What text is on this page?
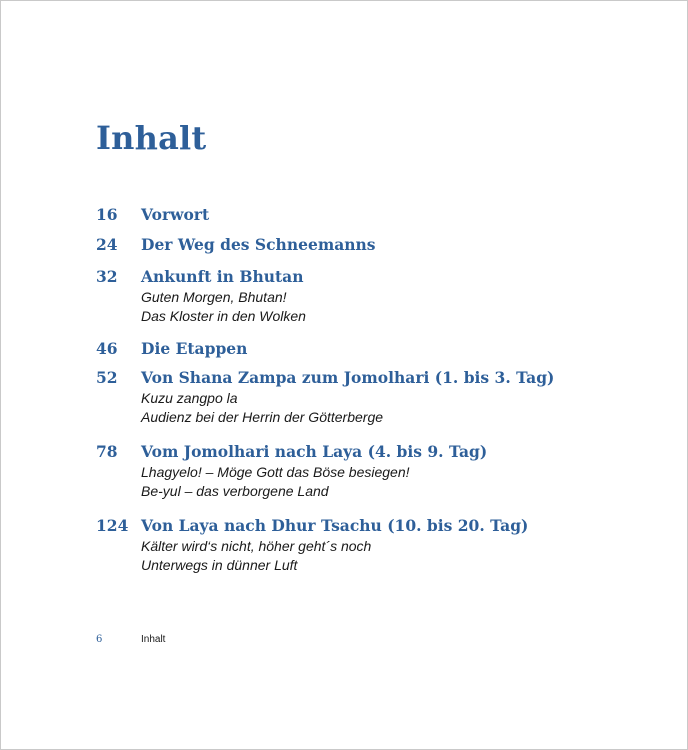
Inhalt
16 Vorwort
24 Der Weg des Schneemanns
32 Ankunft in Bhutan
Guten Morgen, Bhutan!
Das Kloster in den Wolken
46 Die Etappen
52 Von Shana Zampa zum Jomolhari (1. bis 3. Tag)
Kuzu zangpo la
Audienz bei der Herrin der Götterberge
78 Vom Jomolhari nach Laya (4. bis 9. Tag)
Lhagyelo! – Möge Gott das Böse besiegen!
Be-yul – das verborgene Land
124 Von Laya nach Dhur Tsachu (10. bis 20. Tag)
Kälter wird‘s nicht, höher geht´s noch
Unterwegs in dünner Luft
6	Inhalt
